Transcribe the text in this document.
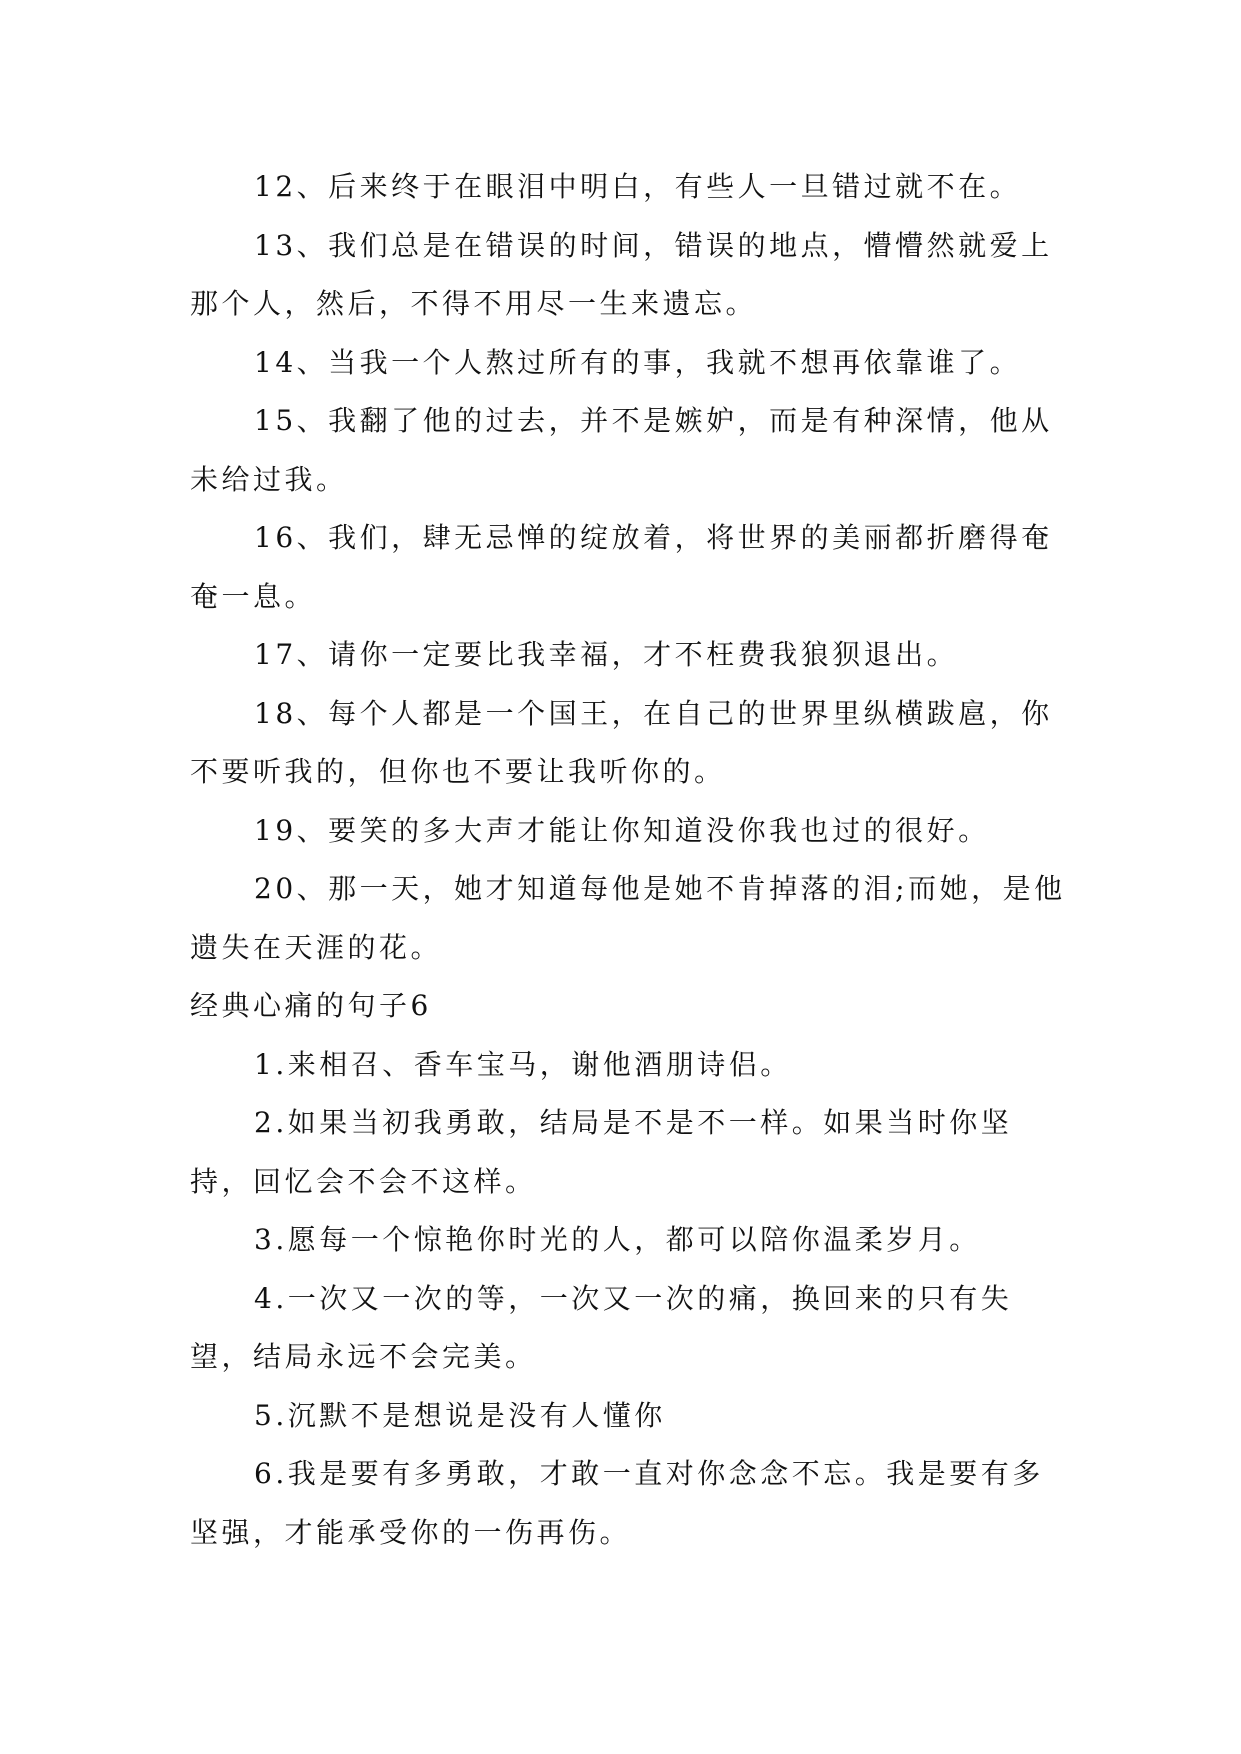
12、后来终于在眼泪中明白，有些人一旦错过就不在。

13、我们总是在错误的时间，错误的地点，懵懵然就爱上那个人，然后，不得不用尽一生来遗忘。

14、当我一个人熬过所有的事，我就不想再依靠谁了。

15、我翻了他的过去，并不是嫉妒，而是有种深情，他从未给过我。

16、我们，肆无忌惮的绽放着，将世界的美丽都折磨得奄奄一息。

17、请你一定要比我幸福，才不枉费我狼狈退出。

18、每个人都是一个国王，在自己的世界里纵横跋扈，你不要听我的，但你也不要让我听你的。

19、要笑的多大声才能让你知道没你我也过的很好。

20、那一天，她才知道每他是她不肯掉落的泪;而她，是他遗失在天涯的花。

经典心痛的句子6

1.来相召、香车宝马，谢他酒朋诗侣。

2.如果当初我勇敢，结局是不是不一样。如果当时你坚持，回忆会不会不这样。

3.愿每一个惊艳你时光的人，都可以陪你温柔岁月。

4.一次又一次的等，一次又一次的痛，换回来的只有失望，结局永远不会完美。

5.沉默不是想说是没有人懂你

6.我是要有多勇敢，才敢一直对你念念不忘。我是要有多坚强，才能承受你的一伤再伤。
